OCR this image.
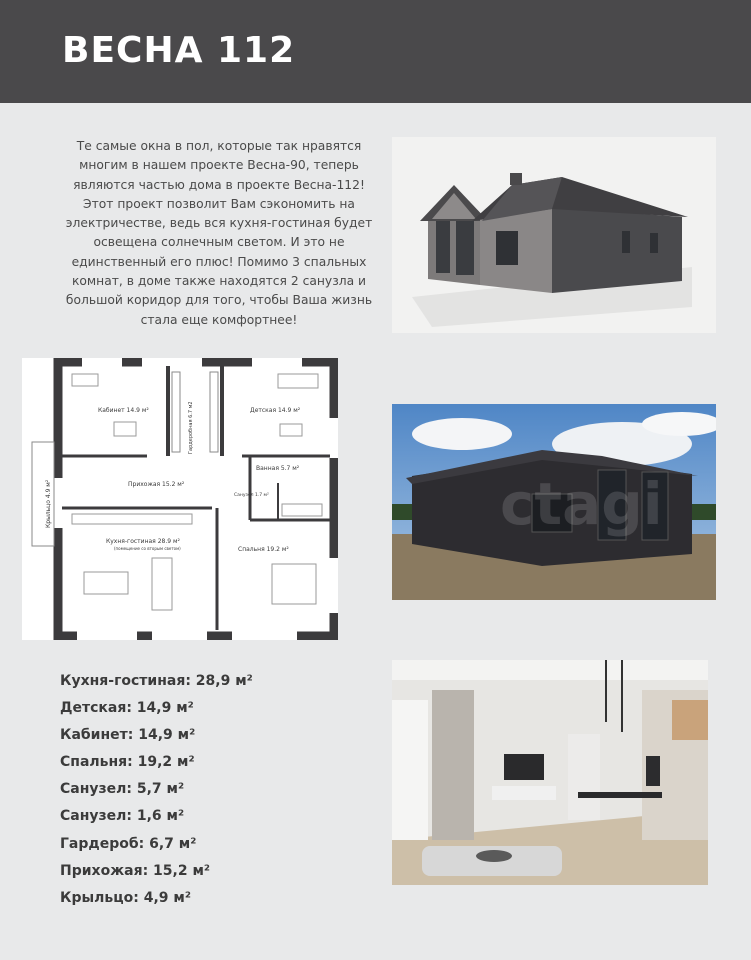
ВЕСНА 112

Те самые окна в пол, которые так нравятся многим в нашем проекте Весна-90, теперь являются частью дома в проекте Весна-112! Этот проект позволит Вам сэкономить на электричестве, ведь вся кухня-гостиная будет освещена солнечным светом. И это не единственный его плюс! Помимо 3 спальных комнат, в доме также находятся 2 санузла и большой коридор для того, чтобы Ваша жизнь стала еще комфортнее!

Кабинет 14.9 м²	Гардеробная 6.7 м2	Детская 14.9 м²
Ванная 5.7 м²
Прихожая 15.2 м²
Санузел 1.7 м²
Крыльцо 4.9 м²
Кухня-гостиная 28.9 м²
(помещение со вторым светом)	Спальня 19.2 м²
ctagi
Кухня-гостиная: 28,9 м²
Детская: 14,9 м²
Кабинет: 14,9 м²
Спальня: 19,2 м²
Санузел: 5,7 м²
Санузел: 1,6 м²
Гардероб: 6,7 м²
Прихожая: 15,2 м²
Крыльцо: 4,9 м²
